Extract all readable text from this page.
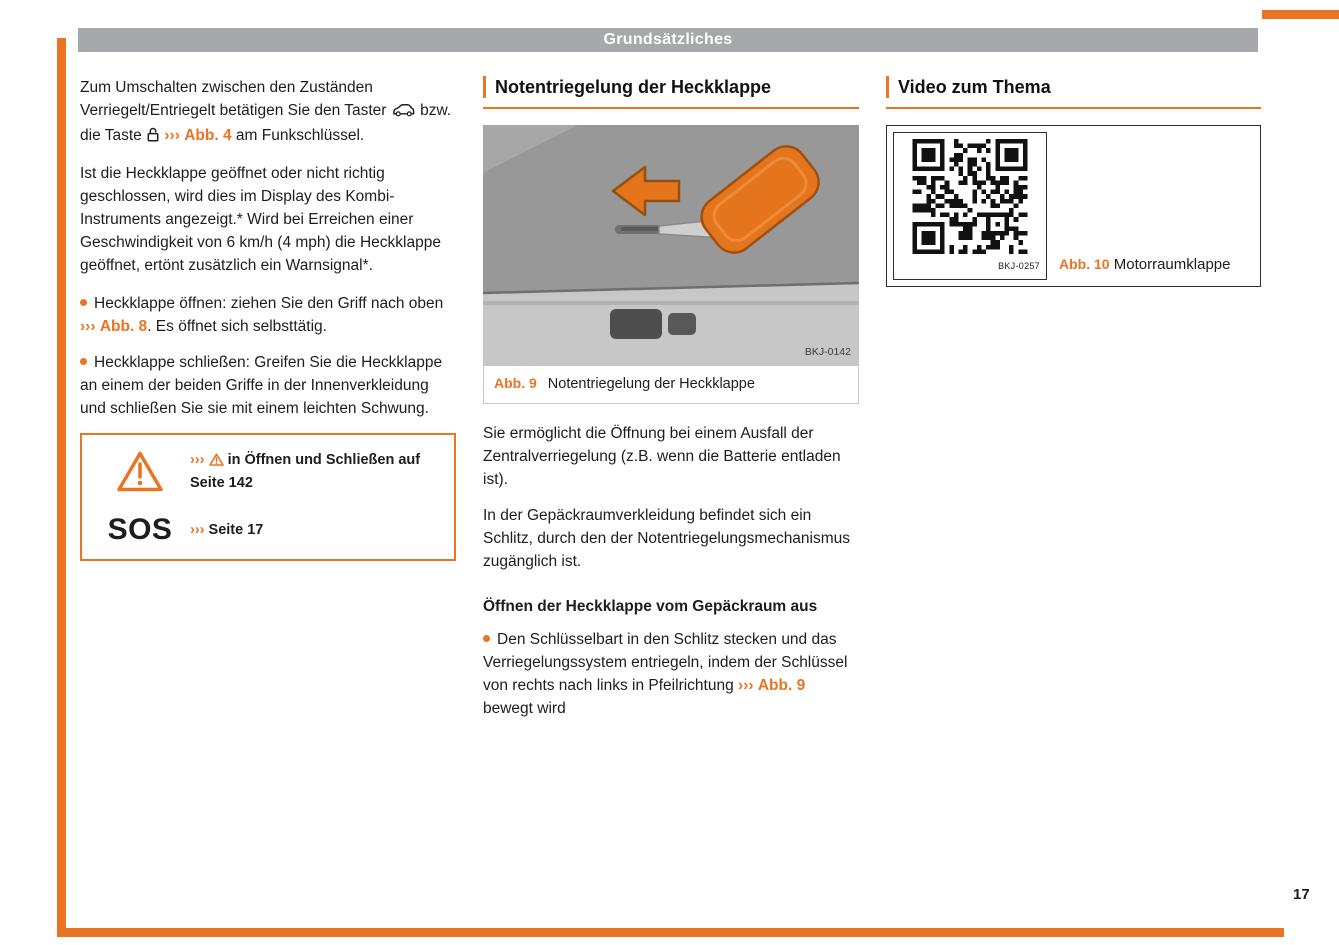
Grundsätzliches

Zum Umschalten zwischen den Zuständen Verriegelt/Entriegelt betätigen Sie den Taster bzw. die Taste ››› Abb. 4 am Funkschlüssel.

Ist die Heckklappe geöffnet oder nicht richtig geschlossen, wird dies im Display des Kombi-Instruments angezeigt.* Wird bei Erreichen einer Geschwindigkeit von 6 km/h (4 mph) die Heckklappe geöffnet, ertönt zusätzlich ein Warnsignal*.

Heckklappe öffnen: ziehen Sie den Griff nach oben ››› Abb. 8. Es öffnet sich selbsttätig.

Heckklappe schließen: Greifen Sie die Heckklappe an einem der beiden Griffe in der Innenverkleidung und schließen Sie sie mit einem leichten Schwung.

››› in Öffnen und Schließen auf Seite 142
SOS	››› Seite 17
Notentriegelung der Heckklappe
BKJ-0142
Abb. 9 Notentriegelung der Heckklappe

Sie ermöglicht die Öffnung bei einem Ausfall der Zentralverriegelung (z.B. wenn die Batterie entladen ist).

In der Gepäckraumverkleidung befindet sich ein Schlitz, durch den der Notentriegelungsmechanismus zugänglich ist.

Öffnen der Heckklappe vom Gepäckraum aus

Den Schlüsselbart in den Schlitz stecken und das Verriegelungssystem entriegeln, indem der Schlüssel von rechts nach links in Pfeilrichtung ››› Abb. 9 bewegt wird

Video zum Thema
BKJ-0257 Abb. 10 Motorraumklappe
17
